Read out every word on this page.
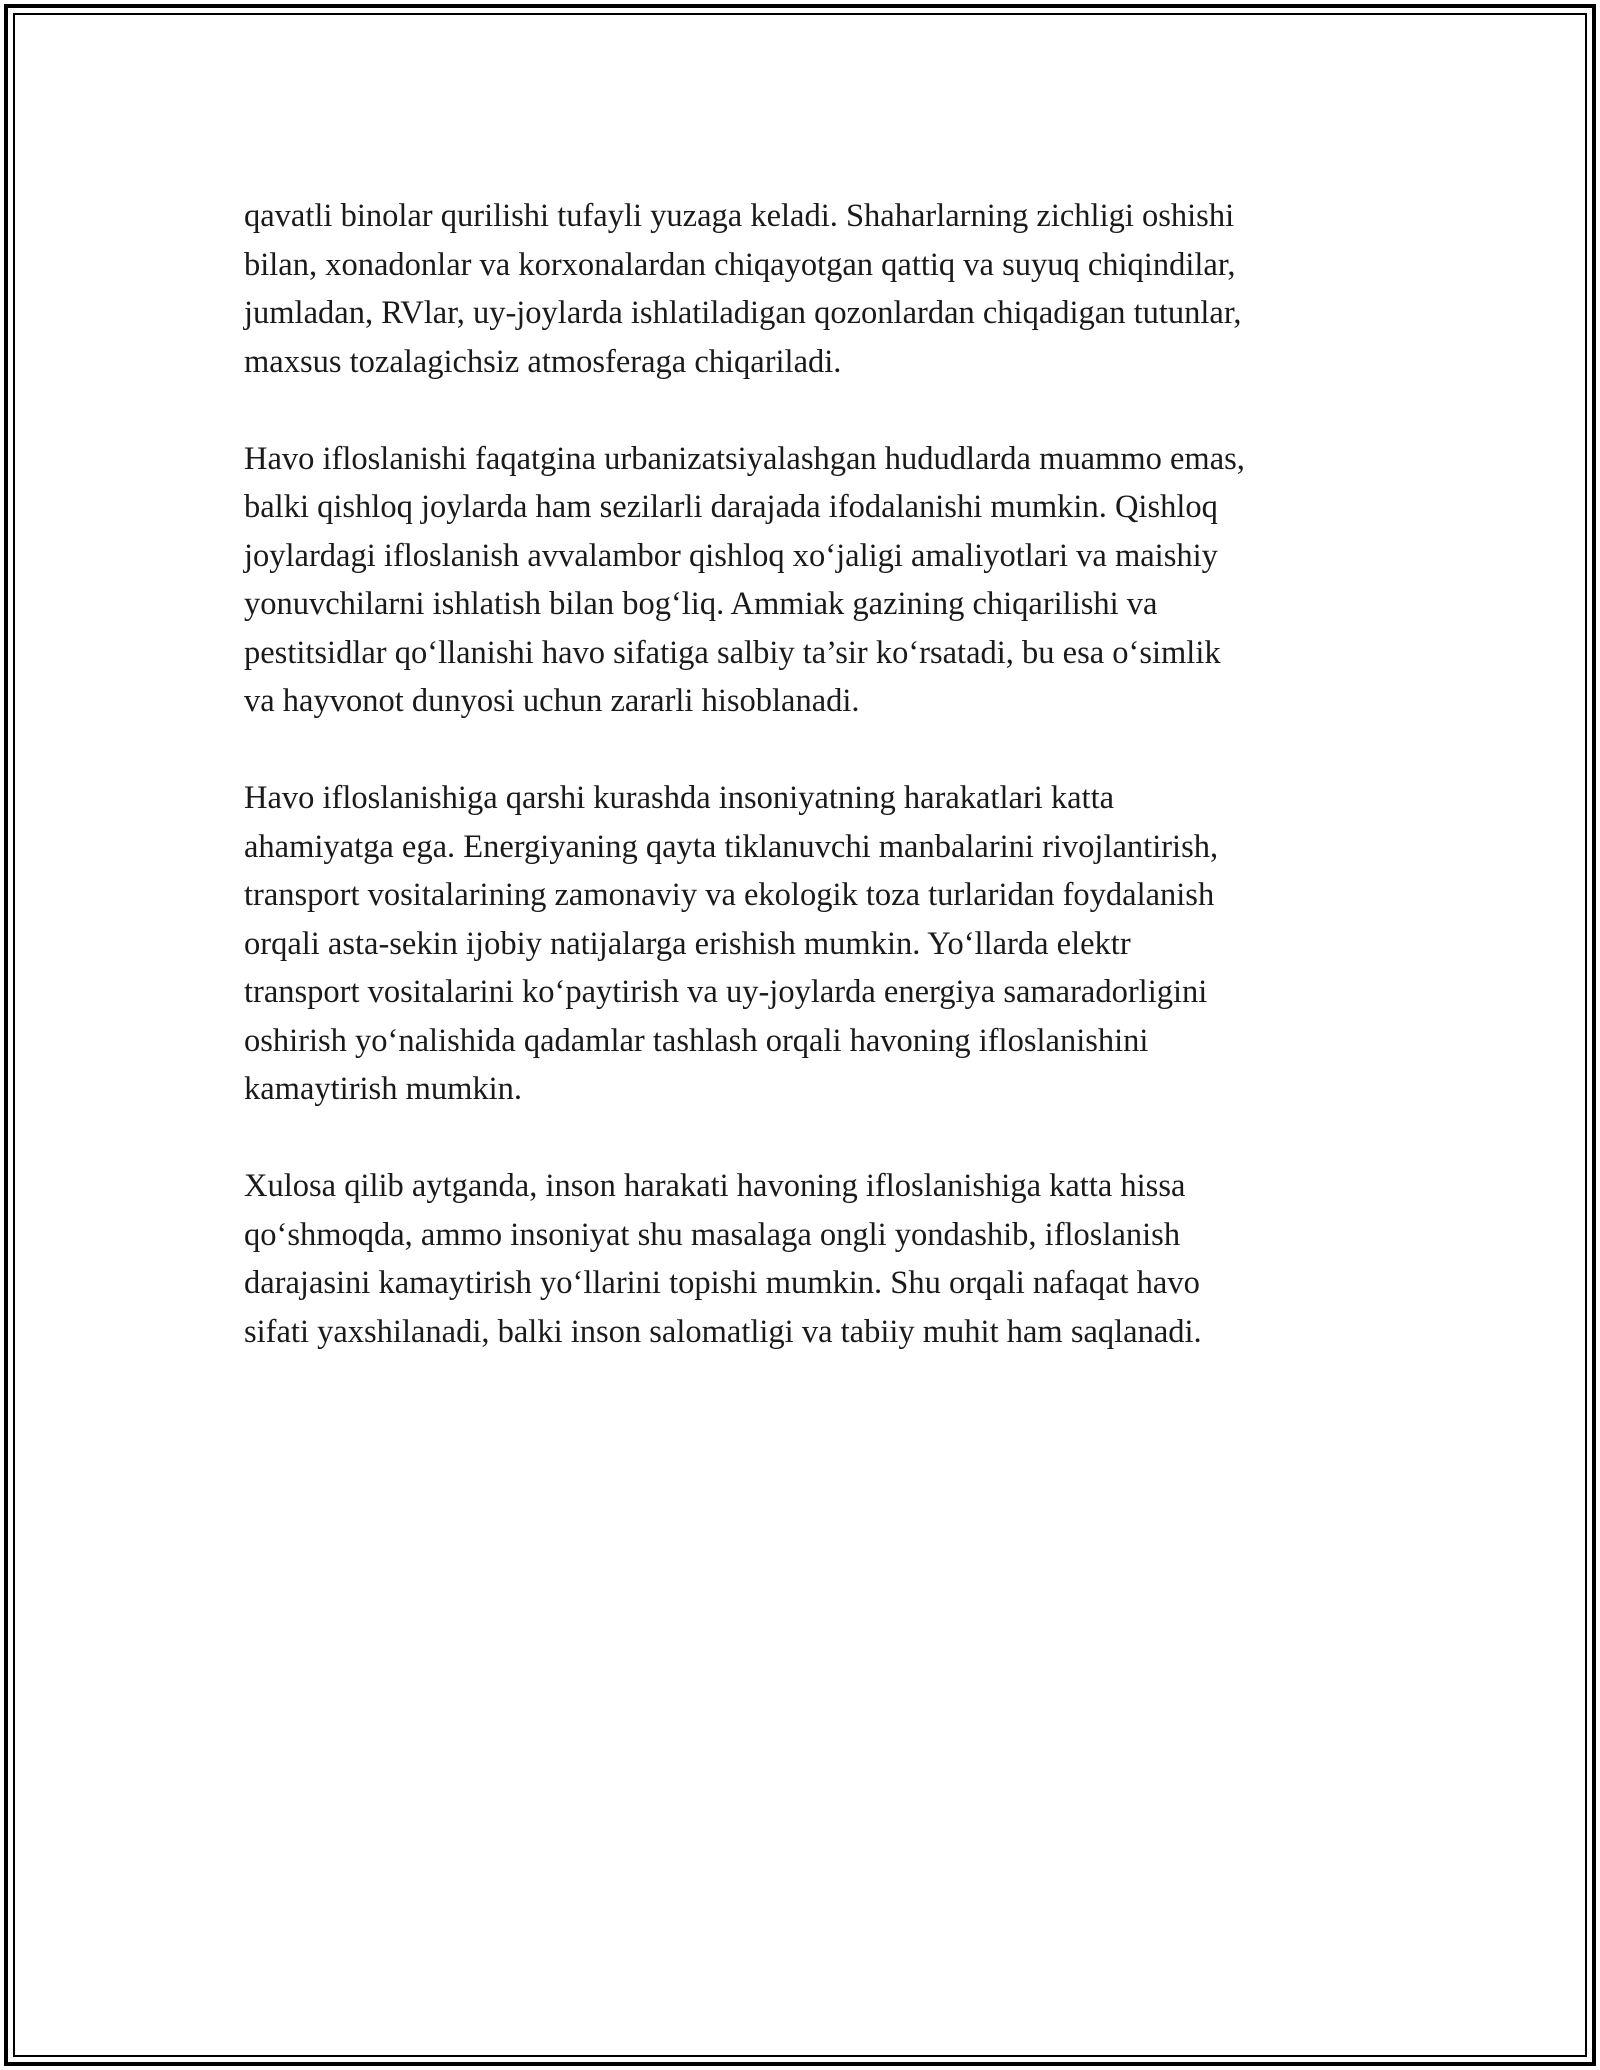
qavatli binolar qurilishi tufayli yuzaga keladi. Shaharlarning zichligi oshishi
bilan, xonadonlar va korxonalardan chiqayotgan qattiq va suyuq chiqindilar,
jumladan, RVlar, uy-joylarda ishlatiladigan qozonlardan chiqadigan tutunlar,
maxsus tozalagichsiz atmosferaga chiqariladi.

Havo ifloslanishi faqatgina urbanizatsiyalashgan hududlarda muammo emas,
balki qishloq joylarda ham sezilarli darajada ifodalanishi mumkin. Qishloq
joylardagi ifloslanish avvalambor qishloq xo‘jaligi amaliyotlari va maishiy
yonuvchilarni ishlatish bilan bog‘liq. Ammiak gazining chiqarilishi va
pestitsidlar qo‘llanishi havo sifatiga salbiy ta’sir ko‘rsatadi, bu esa o‘simlik
va hayvonot dunyosi uchun zararli hisoblanadi.

Havo ifloslanishiga qarshi kurashda insoniyatning harakatlari katta
ahamiyatga ega. Energiyaning qayta tiklanuvchi manbalarini rivojlantirish,
transport vositalarining zamonaviy va ekologik toza turlaridan foydalanish
orqali asta-sekin ijobiy natijalarga erishish mumkin. Yo‘llarda elektr
transport vositalarini ko‘paytirish va uy-joylarda energiya samaradorligini
oshirish yo‘nalishida qadamlar tashlash orqali havoning ifloslanishini
kamaytirish mumkin.

Xulosa qilib aytganda, inson harakati havoning ifloslanishiga katta hissa
qo‘shmoqda, ammo insoniyat shu masalaga ongli yondashib, ifloslanish
darajasini kamaytirish yo‘llarini topishi mumkin. Shu orqali nafaqat havo
sifati yaxshilanadi, balki inson salomatligi va tabiiy muhit ham saqlanadi.
